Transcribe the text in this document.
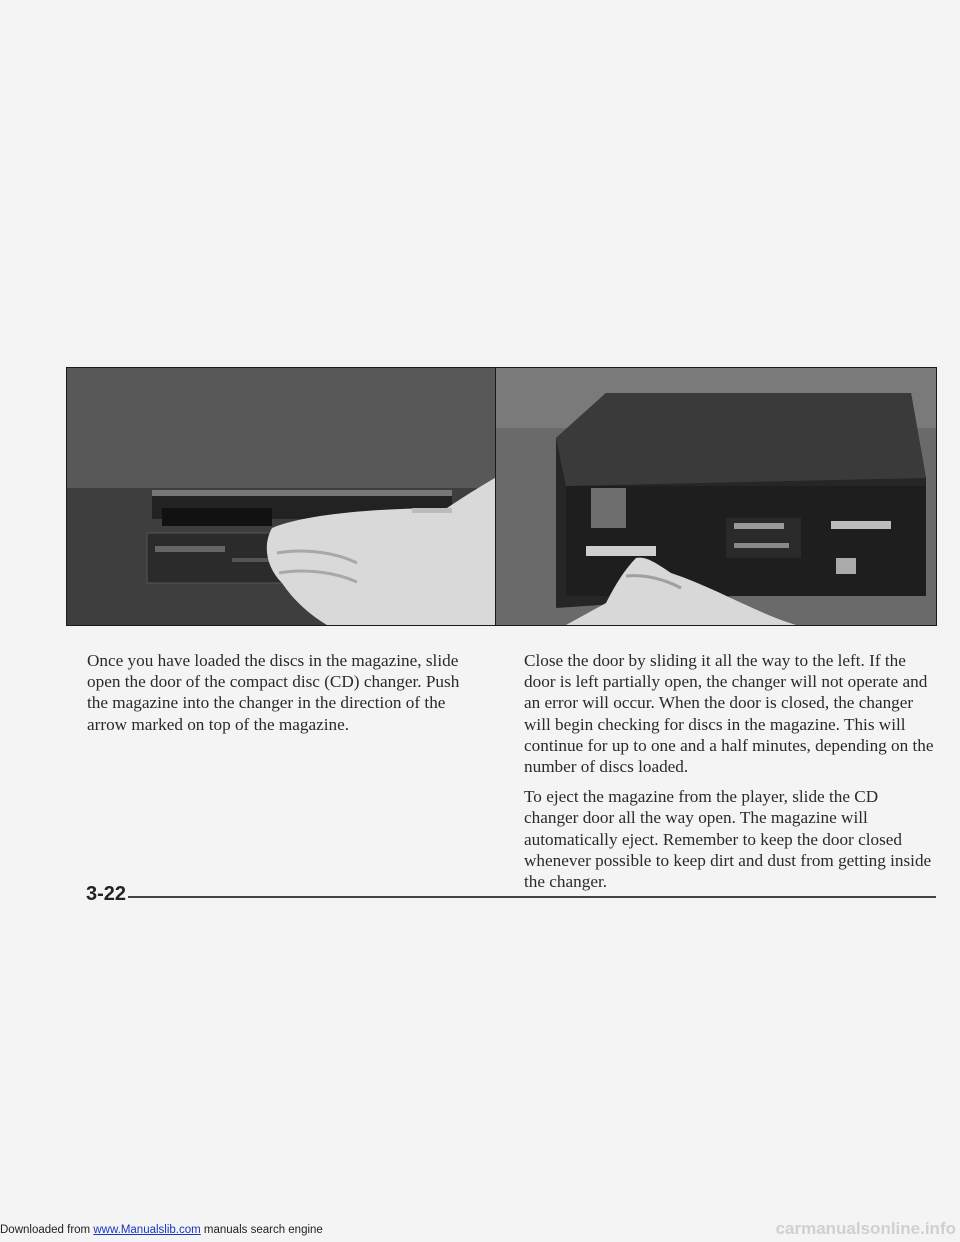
Once you have loaded the discs in the magazine, slide open the door of the compact disc (CD) changer. Push the magazine into the changer in the direction of the arrow marked on top of the magazine.

Close the door by sliding it all the way to the left. If the door is left partially open, the changer will not operate and an error will occur. When the door is closed, the changer will begin checking for discs in the magazine. This will continue for up to one and a half minutes, depending on the number of discs loaded.

To eject the magazine from the player, slide the CD changer door all the way open. The magazine will automatically eject. Remember to keep the door closed whenever possible to keep dirt and dust from getting inside the changer.

3-22
Downloaded from www.Manualslib.com manuals search engine	carmanualsonline.info
